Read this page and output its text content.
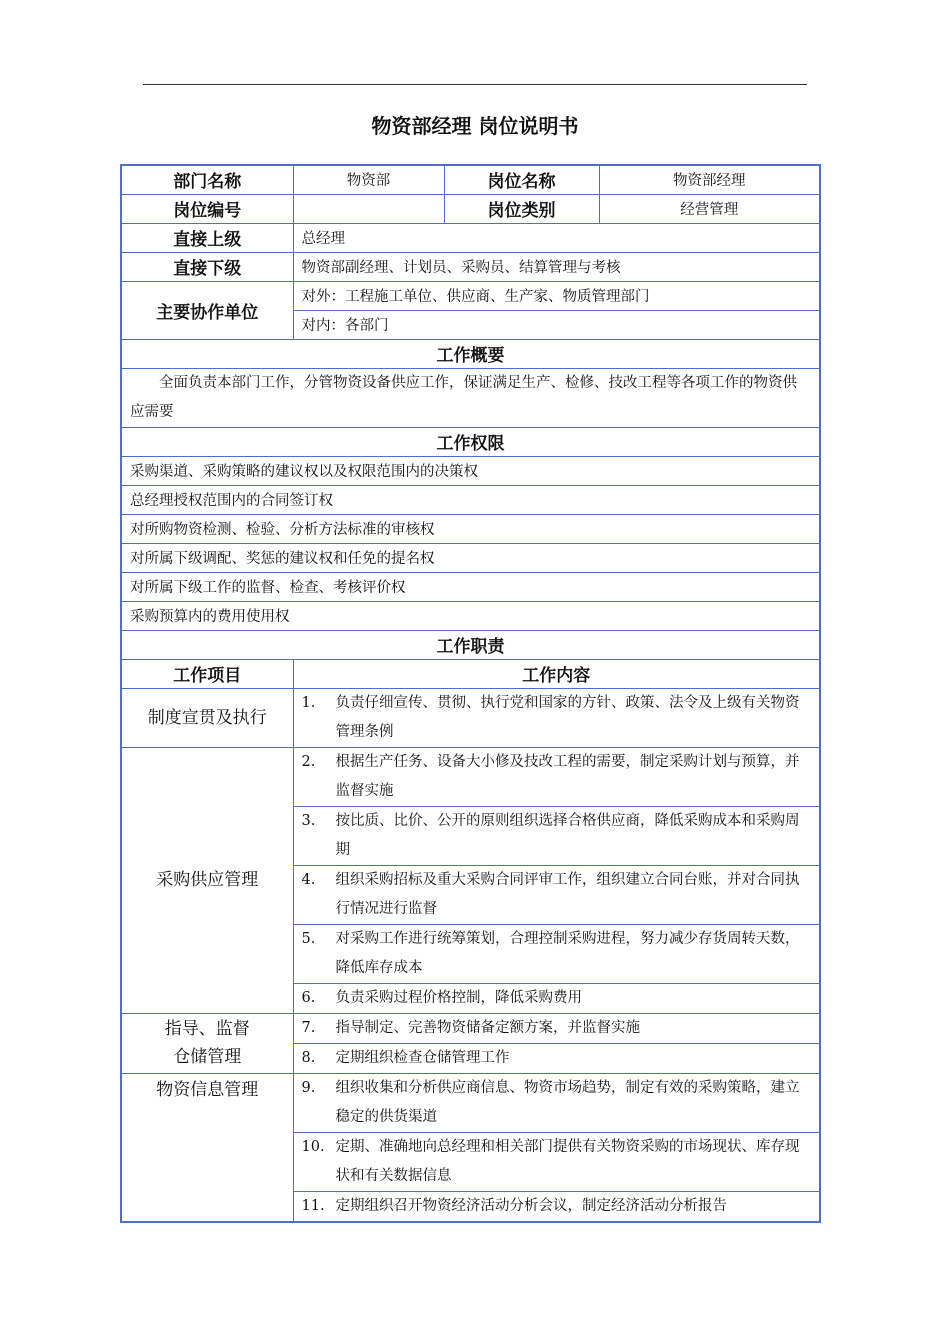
物资部经理 岗位说明书
部门名称	物资部	岗位名称	物资部经理
岗位编号		岗位类别	经营管理
直接上级	总经理		
直接下级	物资部副经理、计划员、采购员、结算管理与考核		
主要协作单位	对外：工程施工单位、供应商、生产家、物质管理部门		
	对内：各部门		
工作概要			
全面负责本部门工作，分管物资设备供应工作，保证满足生产、检修、技改工程等各项工作的物资供应需要			
工作权限			
采购渠道、采购策略的建议权以及权限范围内的决策权			
总经理授权范围内的合同签订权			
对所购物资检测、检验、分析方法标准的审核权			
对所属下级调配、奖惩的建议权和任免的提名权			
对所属下级工作的监督、检查、考核评价权			
采购预算内的费用使用权			
工作职责			
工作项目	工作内容		
制度宣贯及执行	1. 负责仔细宣传、贯彻、执行党和国家的方针、政策、法令及上级有关物资管理条例		
采购供应管理	2. 根据生产任务、设备大小修及技改工程的需要，制定采购计划与预算，并监督实施		
	3. 按比质、比价、公开的原则组织选择合格供应商，降低采购成本和采购周期		
	4. 组织采购招标及重大采购合同评审工作，组织建立合同台账，并对合同执行情况进行监督		
	5. 对采购工作进行统筹策划，合理控制采购进程，努力减少存货周转天数，降低库存成本		
	6. 负责采购过程价格控制，降低采购费用		
指导、监督
仓储管理	7. 指导制定、完善物资储备定额方案，并监督实施		
	8. 定期组织检查仓储管理工作		
物资信息管理	9. 组织收集和分析供应商信息、物资市场趋势，制定有效的采购策略，建立稳定的供货渠道		
	10. 定期、准确地向总经理和相关部门提供有关物资采购的市场现状、库存现状和有关数据信息		
	11. 定期组织召开物资经济活动分析会议，制定经济活动分析报告		
